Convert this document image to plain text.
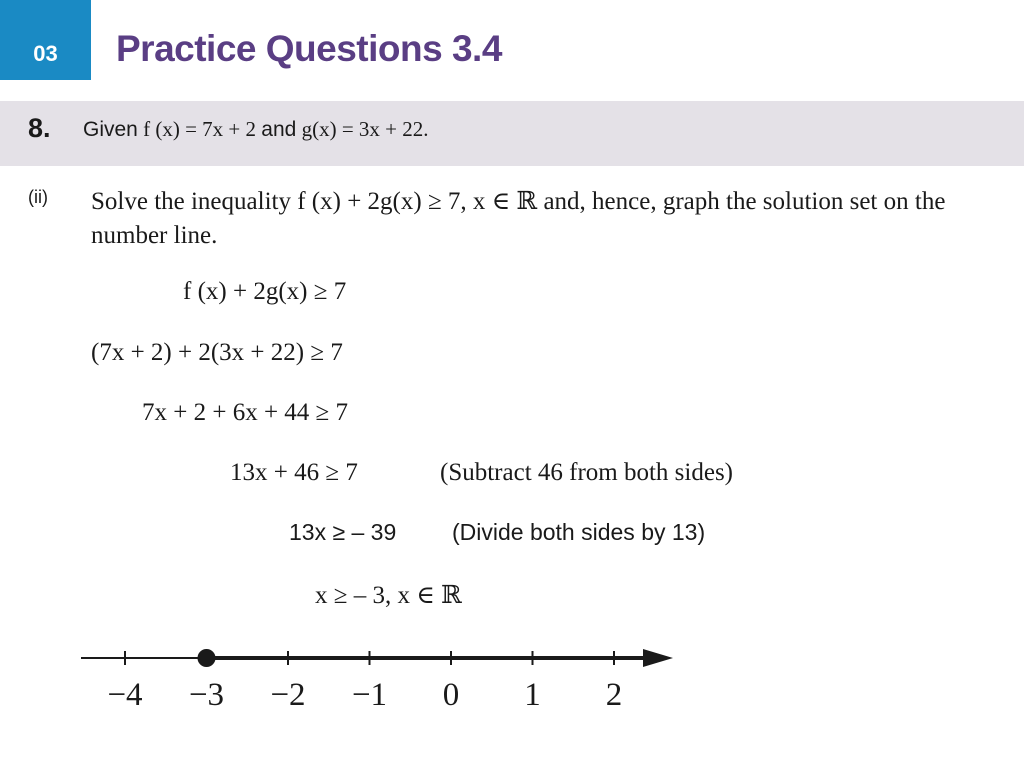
03	Practice Questions 3.4
8. Given f (x) = 7x + 2 and g(x) = 3x + 22.
(ii) Solve the inequality f (x) + 2g(x) ≥ 7, x ∈ ℝ and, hence, graph the solution set on the number line.
f (x) + 2g(x) ≥ 7
(7x + 2) + 2(3x + 22) ≥ 7
7x + 2 + 6x + 44 ≥ 7
13x + 46 ≥ 7	(Subtract 46 from both sides)
13x ≥ – 39 (Divide both sides by 13)
x ≥ – 3, x ∈ ℝ
−4 −3 −2 −1 0 1 2
